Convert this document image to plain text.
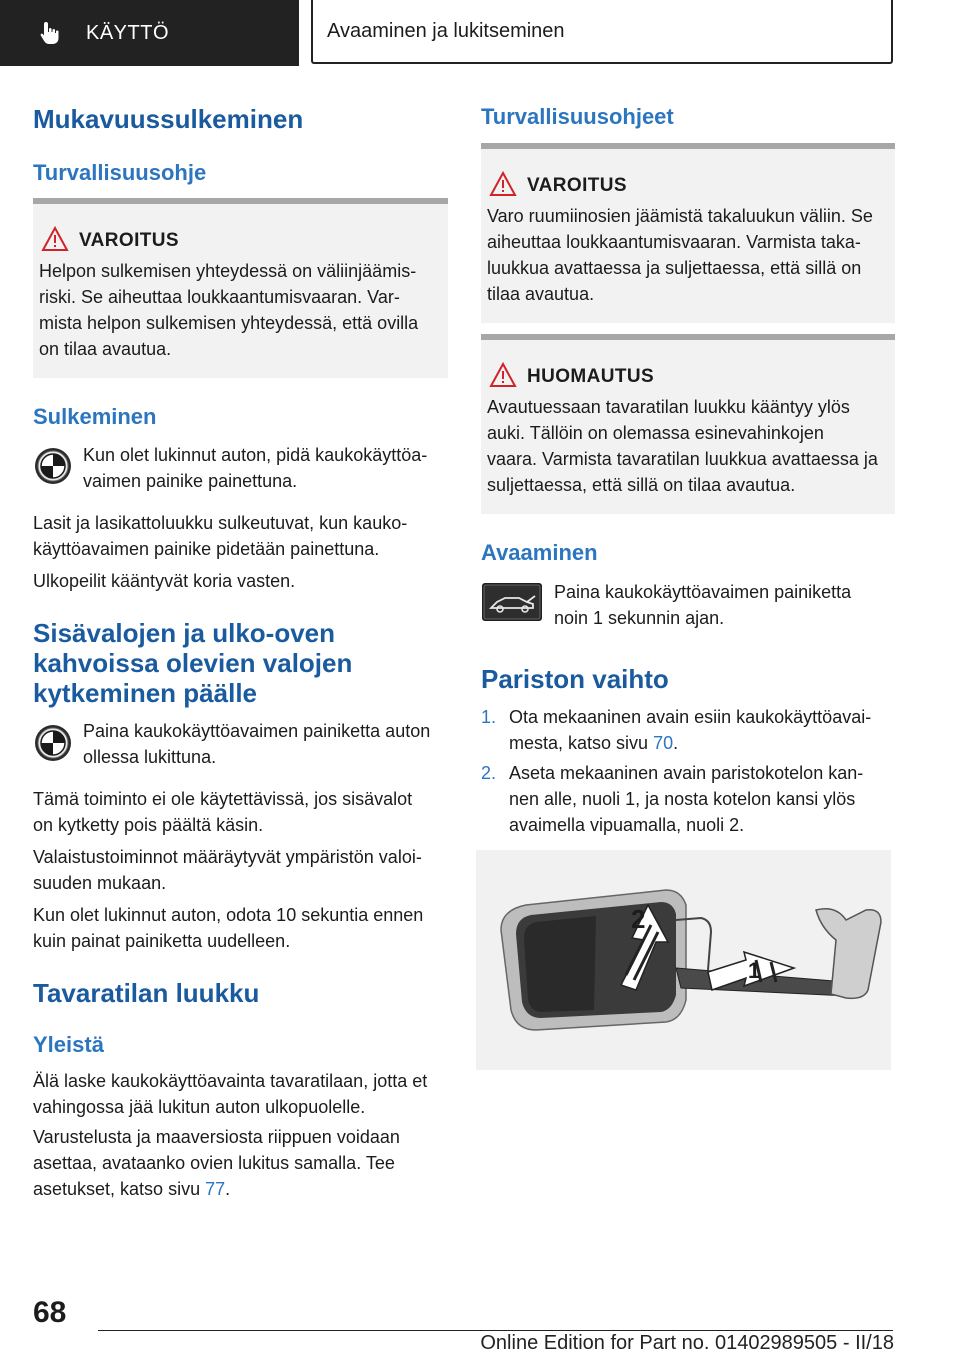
KÄYTTÖ	Avaaminen ja lukitseminen
Mukavuussulkeminen
Turvallisuusohje
VAROITUS
Helpon sulkemisen yhteydessä on väliinjäämis-
riski. Se aiheuttaa loukkaantumisvaaran. Var-
mista helpon sulkemisen yhteydessä, että ovilla
on tilaa avautua.
Sulkeminen
Kun olet lukinnut auton, pidä kaukokäyttöa-
vaimen painike painettuna.
Lasit ja lasikattoluukku sulkeutuvat, kun kauko-
käyttöavaimen painike pidetään painettuna.
Ulkopeilit kääntyvät koria vasten.
Sisävalojen ja ulko-oven
kahvoissa olevien valojen
kytkeminen päälle
Paina kaukokäyttöavaimen painiketta auton
ollessa lukittuna.
Tämä toiminto ei ole käytettävissä, jos sisävalot
on kytketty pois päältä käsin.
Valaistustoiminnot määräytyvät ympäristön valoi-
suuden mukaan.
Kun olet lukinnut auton, odota 10 sekuntia ennen
kuin painat painiketta uudelleen.
Tavaratilan luukku
Yleistä
Älä laske kaukokäyttöavainta tavaratilaan, jotta et
vahingossa jää lukitun auton ulkopuolelle.
Varustelusta ja maaversiosta riippuen voidaan
asettaa, avataanko ovien lukitus samalla. Tee
asetukset, katso sivu 77.
Turvallisuusohjeet
VAROITUS
Varo ruumiinosien jäämistä takaluukun väliin. Se
aiheuttaa loukkaantumisvaaran. Varmista taka-
luukkua avattaessa ja suljettaessa, että sillä on
tilaa avautua.
HUOMAUTUS
Avautuessaan tavaratilan luukku kääntyy ylös
auki. Tällöin on olemassa esinevahinkojen
vaara. Varmista tavaratilan luukkua avattaessa ja
suljettaessa, että sillä on tilaa avautua.
Avaaminen
Paina kaukokäyttöavaimen painiketta
noin 1 sekunnin ajan.
Pariston vaihto
1. Ota mekaaninen avain esiin kaukokäyttöavai-
mesta, katso sivu 70.
2. Aseta mekaaninen avain paristokotelon kan-
nen alle, nuoli 1, ja nosta kotelon kansi ylös
avaimella vipuamalla, nuoli 2.
2
1
68
Online Edition for Part no. 01402989505 - II/18
